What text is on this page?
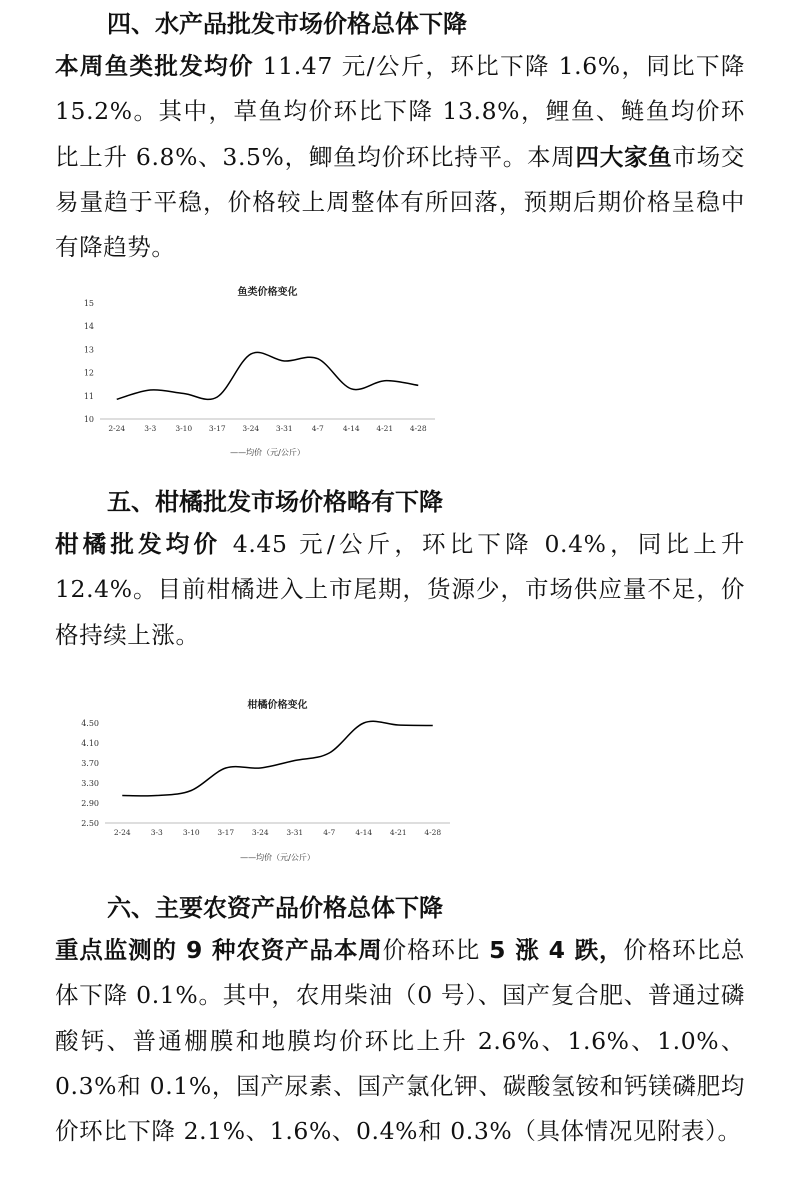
四、水产品批发市场价格总体下降

本周鱼类批发均价 11.47 元/公斤，环比下降 1.6%，同比下降 15.2%。其中，草鱼均价环比下降 13.8%，鲤鱼、鲢鱼均价环比上升 6.8%、3.5%，鲫鱼均价环比持平。本周四大家鱼市场交易量趋于平稳，价格较上周整体有所回落，预期后期价格呈稳中有降趋势。

鱼类价格变化
10
11
12
13
14
15
2-24	3-3	3-10 3-17 3-24 3-31	4-7	4-14 4-21 4-28
——均价（元/公斤）
五、柑橘批发市场价格略有下降

柑橘批发均价 4.45 元/公斤，环比下降 0.4%，同比上升 12.4%。目前柑橘进入上市尾期，货源少，市场供应量不足，价格持续上涨。

柑橘价格变化
2.50
2.90
3.30
3.70
4.10
4.50
2-24	3-3	3-10 3-17 3-24 3-31	4-7	4-14 4-21 4-28
——均价（元/公斤）
六、主要农资产品价格总体下降

重点监测的 9 种农资产品本周价格环比 5 涨 4 跌，价格环比总体下降 0.1%。其中，农用柴油（0 号）、国产复合肥、普通过磷酸钙、普通棚膜和地膜均价环比上升 2.6%、1.6%、1.0%、0.3%和 0.1%，国产尿素、国产氯化钾、碳酸氢铵和钙镁磷肥均价环比下降 2.1%、1.6%、0.4%和 0.3%（具体情况见附表）。
